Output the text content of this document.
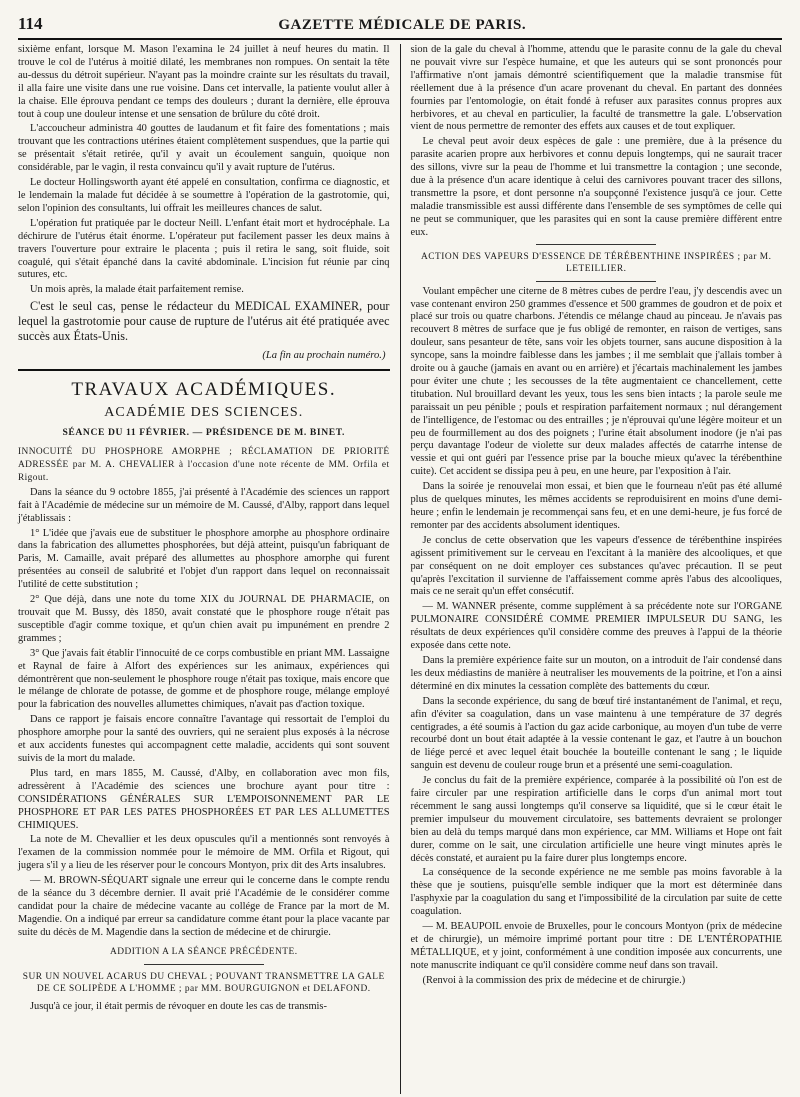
114	GAZETTE MÉDICALE DE PARIS.

sixième enfant, lorsque M. Mason l'examina le 24 juillet à neuf heures du matin. Il trouve le col de l'utérus à moitié dilaté, les membranes non rompues. On sentait la tête au-dessus du détroit supérieur. N'ayant pas la moindre crainte sur les résultats du travail, il alla faire une visite dans une rue voisine. Dans cet intervalle, la patiente voulut aller à la chaise. Elle éprouva pendant ce temps des douleurs ; durant la dernière, elle éprouva tout à coup une douleur intense et une sensation de brûlure du côté droit.

L'accoucheur administra 40 gouttes de laudanum et fit faire des fomentations ; mais trouvant que les contractions utérines étaient complètement suspendues, que la partie qui se présentait s'était retirée, qu'il y avait un écoulement sanguin, quoique non considérable, par le vagin, il resta convaincu qu'il y avait rupture de l'utérus.

Le docteur Hollingsworth ayant été appelé en consultation, confirma ce diagnostic, et le lendemain la malade fut décidée à se soumettre à l'opération de la gastrotomie, qui, selon l'opinion des consultants, lui offrait les meilleures chances de salut.

L'opération fut pratiquée par le docteur Neill. L'enfant était mort et hydrocéphale. La déchirure de l'utérus était énorme. L'opérateur put facilement passer les deux mains à travers l'ouverture pour extraire le placenta ; puis il retira le sang, soit fluide, soit coagulé, qui s'était épanché dans la cavité abdominale. L'incision fut réunie par cinq sutures, etc.

Un mois après, la malade était parfaitement remise.

C'est le seul cas, pense le rédacteur du MEDICAL EXAMINER, pour lequel la gastrotomie pour cause de rupture de l'utérus ait été pratiquée avec succès aux États-Unis.

(La fin au prochain numéro.)

TRAVAUX ACADÉMIQUES.
ACADÉMIE DES SCIENCES.
SÉANCE DU 11 FÉVRIER. — PRÉSIDENCE DE M. BINET.

INNOCUITÉ DU PHOSPHORE AMORPHE ; RÉCLAMATION DE PRIORITÉ ADRESSÉE par M. A. CHEVALIER à l'occasion d'une note récente de MM. Orfila et Rigout.

Dans la séance du 9 octobre 1855, j'ai présenté à l'Académie des sciences un rapport fait à l'Académie de médecine sur un mémoire de M. Caussé, d'Alby, rapport dans lequel j'établissais :

1° L'idée que j'avais eue de substituer le phosphore amorphe au phosphore ordinaire dans la fabrication des allumettes phosphorées, but déjà atteint, puisqu'un fabriquant de Paris, M. Camaille, avait préparé des allumettes au phosphore amorphe qui furent présentées au conseil de salubrité et l'objet d'un rapport dans lequel on reconnaissait l'utilité de cette substitution ;

2° Que déjà, dans une note du tome XIX du JOURNAL DE PHARMACIE, on trouvait que M. Bussy, dès 1850, avait constaté que le phosphore rouge n'était pas susceptible d'agir comme toxique, et qu'un chien avait pu impunément en prendre 2 grammes ;

3° Que j'avais fait établir l'innocuité de ce corps combustible en priant MM. Lassaigne et Raynal de faire à Alfort des expériences sur les animaux, expériences qui démontrèrent que non-seulement le phosphore rouge n'était pas toxique, mais encore que le mélange de chlorate de potasse, de gomme et de phosphore rouge, mélange employé pour la fabrication des nouvelles allumettes chimiques, n'avait pas d'action toxique.

Dans ce rapport je faisais encore connaître l'avantage qui ressortait de l'emploi du phosphore amorphe pour la santé des ouvriers, qui ne seraient plus exposés à la nécrose et aux accidents funestes qui accompagnent cette maladie, accidents qui sont souvent suivis de la mort du malade.

Plus tard, en mars 1855, M. Caussé, d'Alby, en collaboration avec mon fils, adressèrent à l'Académie des sciences une brochure ayant pour titre : CONSIDÉRATIONS GÉNÉRALES SUR L'EMPOISONNEMENT PAR LE PHOSPHORE ET PAR LES PATES PHOSPHORÉES ET PAR LES ALLUMETTES CHIMIQUES.

La note de M. Chevallier et les deux opuscules qu'il a mentionnés sont renvoyés à l'examen de la commission nommée pour le mémoire de MM. Orfila et Rigout, qui jugera s'il y a lieu de les réserver pour le concours Montyon, prix dit des Arts insalubres.

— M. BROWN-SÉQUART signale une erreur qui le concerne dans le compte rendu de la séance du 3 décembre dernier. Il avait prié l'Académie de le considérer comme candidat pour la chaire de médecine vacante au collége de France par la mort de M. Magendie. On a indiqué par erreur sa candidature comme étant pour la place vacante par suite du décès de M. Magendie dans la section de médecine et de chirurgie.

ADDITION A LA SÉANCE PRÉCÉDENTE.
SUR UN NOUVEL ACARUS DU CHEVAL ; POUVANT TRANSMETTRE LA GALE DE CE SOLIPÈDE A L'HOMME ; par MM. BOURGUIGNON et DELAFOND.

Jusqu'à ce jour, il était permis de révoquer en doute les cas de transmis-

sion de la gale du cheval à l'homme, attendu que le parasite connu de la gale du cheval ne pouvait vivre sur l'espèce humaine, et que les auteurs qui se sont prononcés pour l'affirmative n'ont jamais démontré scientifiquement que la maladie transmise fût réellement due à la présence d'un acare provenant du cheval. En partant des données fournies par l'entomologie, on était fondé à refuser aux parasites connus propres aux herbivores, et au cheval en particulier, la faculté de transmettre la gale. L'observation vient de nous permettre de remonter des effets aux causes et de tout expliquer.

Le cheval peut avoir deux espèces de gale : une première, due à la présence du parasite acarien propre aux herbivores et connu depuis longtemps, qui ne saurait tracer des sillons, vivre sur la peau de l'homme et lui transmettre la contagion ; une seconde, due à la présence d'un acare identique à celui des carnivores pouvant tracer des sillons, transmettre la psore, et dont personne n'a soupçonné l'existence jusqu'à ce jour. Cette maladie transmissible est aussi différente dans l'ensemble de ses symptômes de celle qui ne peut se communiquer, que les parasites qui en sont la cause première diffèrent entre eux.

ACTION DES VAPEURS D'ESSENCE DE TÉRÉBENTHINE INSPIRÉES ; par M. LETEILLIER.

Voulant empêcher une citerne de 8 mètres cubes de perdre l'eau, j'y descendis avec un vase contenant environ 250 grammes d'essence et 500 grammes de goudron et de poix et placé sur trois ou quatre charbons. J'étendis ce mélange chaud au pinceau. Je n'avais pas recouvert 8 mètres de surface que je fus obligé de remonter, en raison de vertiges, sans douleur, sans pesanteur de tête, sans voir les objets tourner, sans aucune disposition à la syncope, sans la moindre faiblesse dans les jambes ; il me semblait que j'allais tomber à droite ou à gauche (jamais en avant ou en arrière) et j'écartais machinalement les jambes pour éviter une chute ; les secousses de la tête augmentaient ce chancellement, cette titubation. Nul brouillard devant les yeux, tous les sens bien intacts ; la parole seule me paraissait un peu pénible ; pouls et respiration parfaitement normaux ; nul dérangement de l'intelligence, de l'estomac ou des entrailles ; je n'éprouvai qu'une légère moiteur et un peu de fourmillement au dos des poignets ; l'urine était absolument inodore (je n'ai pas perçu davantage l'odeur de violette sur deux malades affectés de catarrhe intense de vessie et qui ont guéri par l'essence prise par la bouche mieux qu'avec la térébenthine cuite). Cet accident se dissipa peu à peu, en une heure, par l'exposition à l'air.

Dans la soirée je renouvelai mon essai, et bien que le fourneau n'eût pas été allumé plus de quelques minutes, les mêmes accidents se reproduisirent en moins d'une demi-heure ; enfin le lendemain je recommençai sans feu, et en une demi-heure, je fus forcé de remonter par des accidents absolument identiques.

Je conclus de cette observation que les vapeurs d'essence de térébenthine inspirées agissent primitivement sur le cerveau en l'excitant à la manière des alcooliques, et que par conséquent on ne doit employer ces substances qu'avec précaution. Il se peut qu'après l'excitation il survienne de l'affaissement comme après l'abus des alcooliques, mais ce ne serait qu'un effet consécutif.

— M. WANNER présente, comme supplément à sa précédente note sur l'ORGANE PULMONAIRE CONSIDÉRÉ COMME PREMIER IMPULSEUR DU SANG, les résultats de deux expériences qu'il considère comme des preuves à l'appui de la théorie exposée dans cette note.

Dans la première expérience faite sur un mouton, on a introduit de l'air condensé dans les deux médiastins de manière à neutraliser les mouvements de la poitrine, et l'on a ainsi déterminé en dix minutes la cessation complète des battements du cœur.

Dans la seconde expérience, du sang de bœuf tiré instantanément de l'animal, et reçu, afin d'éviter sa coagulation, dans un vase maintenu à une température de 37 degrés centigrades, a été soumis à l'action du gaz acide carbonique, au moyen d'un tube de verre recourbé dont un bout était adaptée à la vessie contenant le gaz, et l'autre à un bouchon de liége percé et avec lequel était bouchée la bouteille contenant le sang ; le liquide sanguin est devenu de couleur rouge brun et a présenté une semi-coagulation.

Je conclus du fait de la première expérience, comparée à la possibilité où l'on est de faire circuler par une respiration artificielle dans le corps d'un animal mort tout récemment le sang aussi longtemps qu'il conserve sa liquidité, que si le cœur était le premier impulseur du mouvement circulatoire, ses battements devraient se prolonger bien au delà du temps marqué dans mon expérience, car MM. Williams et Hope ont fait durer, comme on le sait, une circulation artificielle une heure vingt minutes après le décès constaté, et auraient pu la faire durer plus longtemps encore.

La conséquence de la seconde expérience ne me semble pas moins favorable à la thèse que je soutiens, puisqu'elle semble indiquer que la mort est déterminée dans l'asphyxie par la coagulation du sang et l'impossibilité de la circulation par suite de cette coagulation.

— M. BEAUPOIL envoie de Bruxelles, pour le concours Montyon (prix de médecine et de chirurgie), un mémoire imprimé portant pour titre : DE L'ENTÉROPATHIE MÉTALLIQUE, et y joint, conformément à une condition imposée aux concurrents, une note manuscrite indiquant ce qu'il considère comme neuf dans son travail.

(Renvoi à la commission des prix de médecine et de chirurgie.)
